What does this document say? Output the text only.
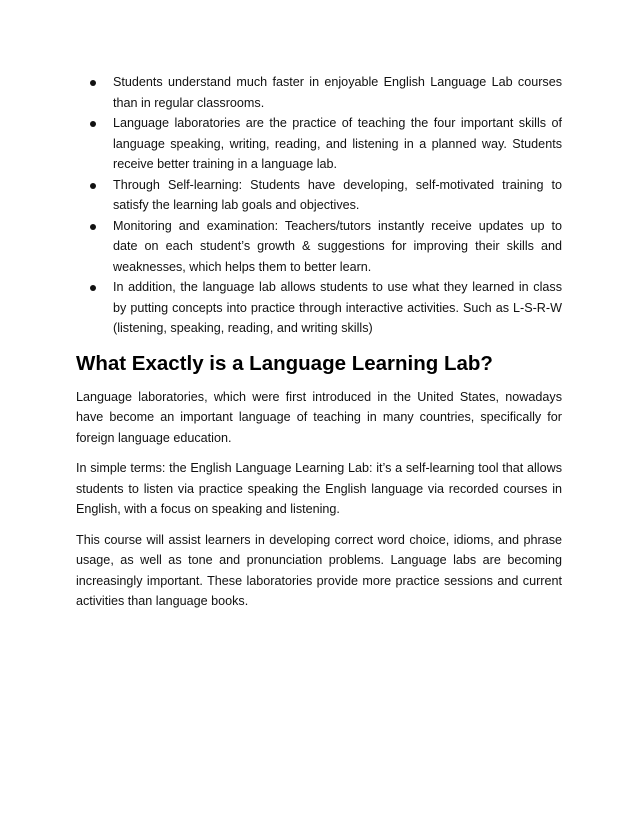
Students understand much faster in enjoyable English Language Lab courses than in regular classrooms.
Language laboratories are the practice of teaching the four important skills of language speaking, writing, reading, and listening in a planned way. Students receive better training in a language lab.
Through Self-learning: Students have developing, self-motivated training to satisfy the learning lab goals and objectives.
Monitoring and examination: Teachers/tutors instantly receive updates up to date on each student’s growth & suggestions for improving their skills and weaknesses, which helps them to better learn.
In addition, the language lab allows students to use what they learned in class by putting concepts into practice through interactive activities. Such as L-S-R-W (listening, speaking, reading, and writing skills)
What Exactly is a Language Learning Lab?

Language laboratories, which were first introduced in the United States, nowadays have become an important language of teaching in many countries, specifically for foreign language education.

In simple terms: the English Language Learning Lab: it’s a self-learning tool that allows students to listen via practice speaking the English language via recorded courses in English, with a focus on speaking and listening.

This course will assist learners in developing correct word choice, idioms, and phrase usage, as well as tone and pronunciation problems. Language labs are becoming increasingly important. These laboratories provide more practice sessions and current activities than language books.
